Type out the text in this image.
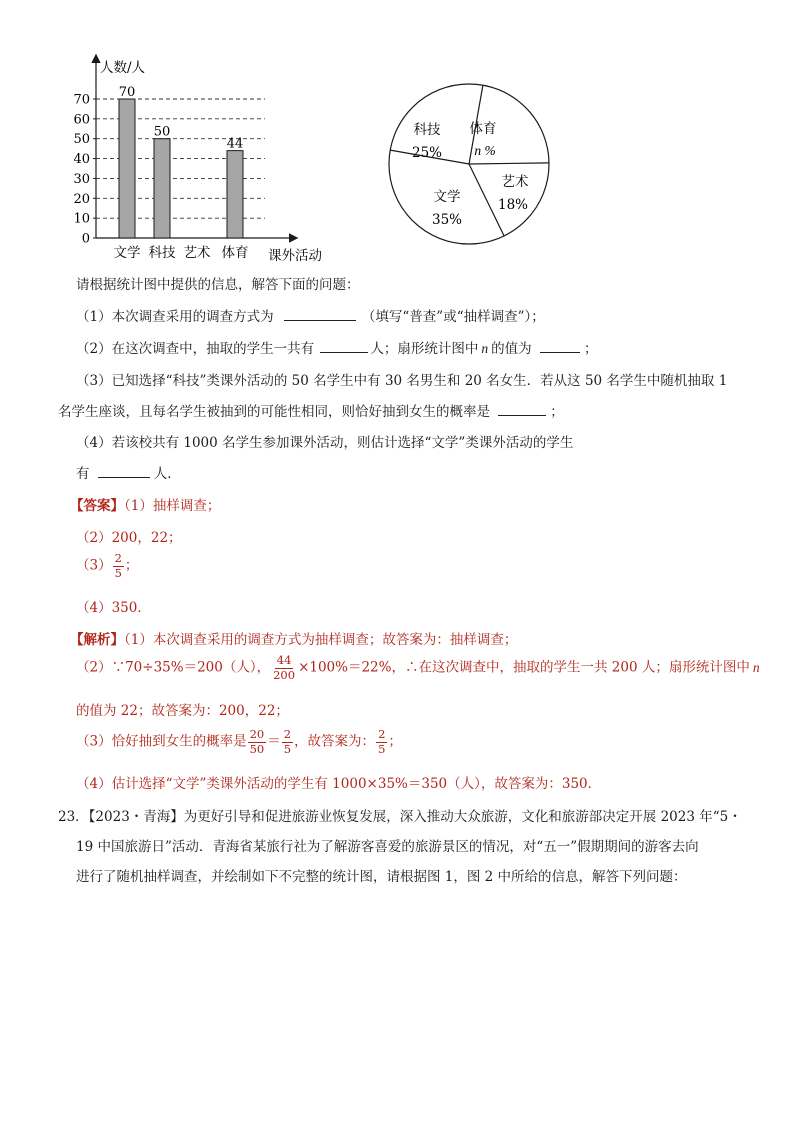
人数/人
课外活动
0
10
20
30
40
50
60
70 70
50
44
文学 科技 艺术 体育
科技
25%
体育
n %
艺术
18%
文学
35%
请根据统计图中提供的信息，解答下面的问题：
（1）本次调查采用的调查方式为	（填写“普查”或“抽样调查”）；
（2）在这次调查中，抽取的学生一共有	人；扇形统计图中 n 的值为	；
（3）已知选择“科技”类课外活动的 50 名学生中有 30 名男生和 20 名女生．若从这 50 名学生中随机抽取 1
名学生座谈，且每名学生被抽到的可能性相同，则恰好抽到女生的概率是	；
（4）若该校共有 1000 名学生参加课外活动，则估计选择“文学”类课外活动的学生
有	人．
【答案】（1）抽样调查；
（2）200，22；
$(3) \frac{2}{5}$ ；
（4）350．
【解析】（1）本次调查采用的调查方式为抽样调查；故答案为：抽样调查；
（2）∵70÷35%＝200（人）， $\frac{44}{200} \times 100\%=22\%$，∴在这次调查中，抽取的学生一共 200 人；扇形统计图中 n
的值为 22；故答案为：200，22；
（3）恰好抽到女生的概率是 $\frac{20}{50} = \frac{2}{5}$ ，故答案为： $\frac{2}{5}$ ；
（4）估计选择“文学”类课外活动的学生有 1000×35%＝350（人），故答案为：350．
23．【2023・青海】为更好引导和促进旅游业恢复发展，深入推动大众旅游，文化和旅游部决定开展 2023 年“5・
19 中国旅游日”活动．青海省某旅行社为了解游客喜爱的旅游景区的情况，对“五一”假期期间的游客去向
进行了随机抽样调查，并绘制如下不完整的统计图，请根据图 1，图 2 中所给的信息，解答下列问题：
